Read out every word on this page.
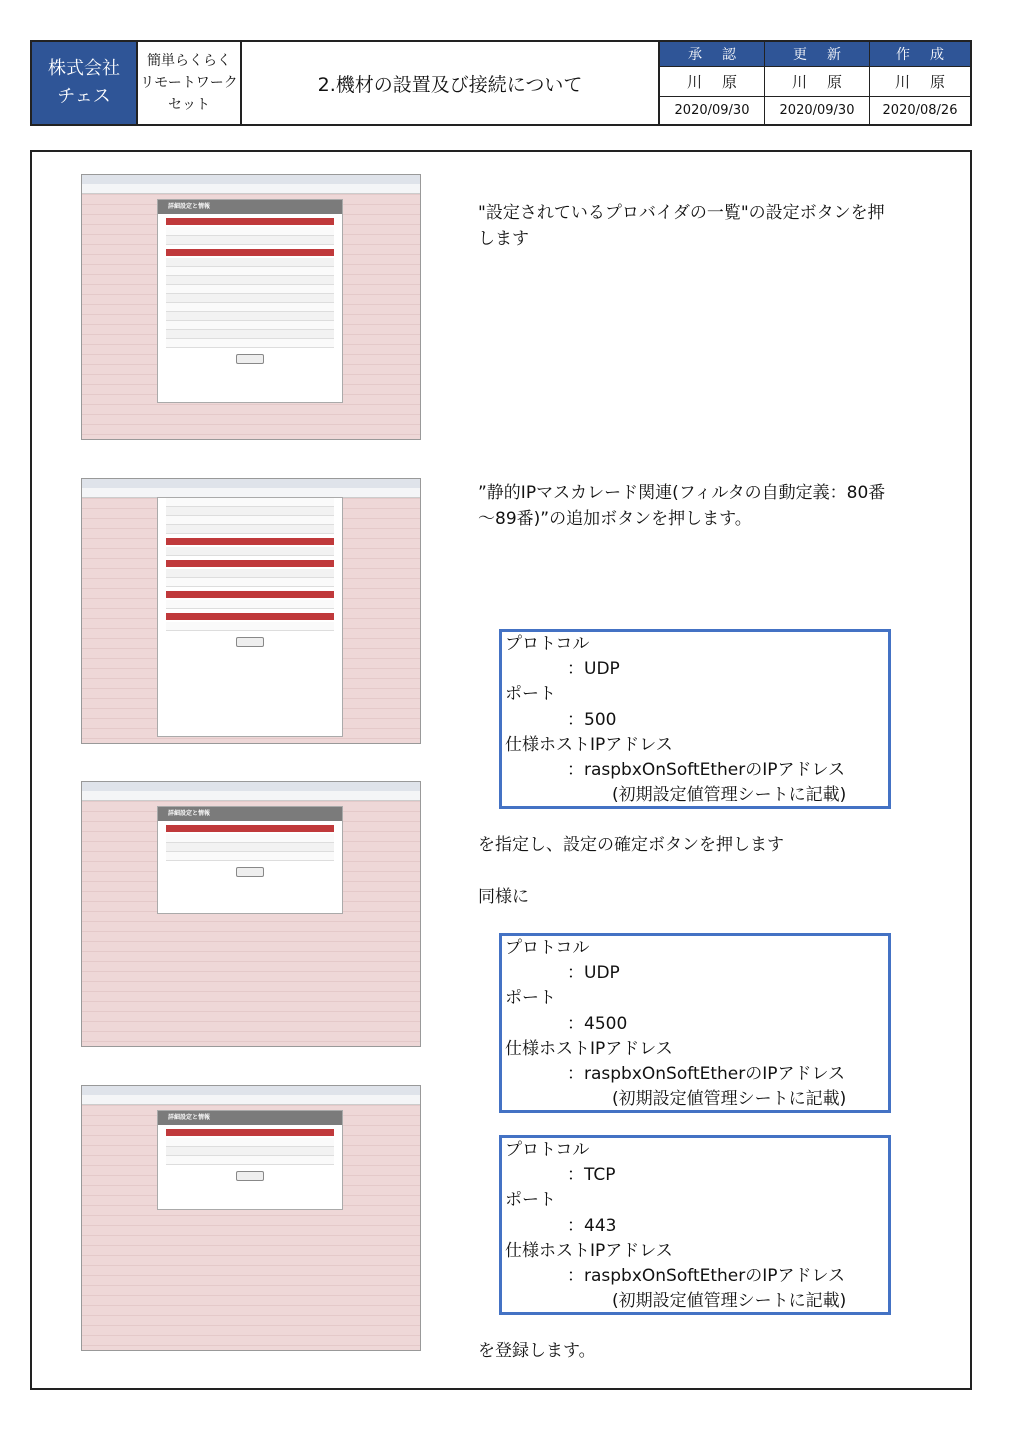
株式会社
チェス
簡単らくらく
リモートワーク
セット
2.機材の設置及び接続について
承認
川原
2020/09/30
更新
川原
2020/09/30
作成
川原
2020/08/26
詳細設定と情報
詳細設定と情報
詳細設定と情報
"設定されているプロバイダの一覧"の設定ボタンを押します
”静的IPマスカレード関連(フィルタの自動定義：80番～89番)”の追加ボタンを押します。
プロトコル
：UDP
ポート
：500
仕様ホストIPアドレス
：raspbxOnSoftEtherのIPアドレス
(初期設定値管理シートに記載)
を指定し、設定の確定ボタンを押します
同様に
プロトコル
：UDP
ポート
：4500
仕様ホストIPアドレス
：raspbxOnSoftEtherのIPアドレス
(初期設定値管理シートに記載)
プロトコル
：TCP
ポート
：443
仕様ホストIPアドレス
：raspbxOnSoftEtherのIPアドレス
(初期設定値管理シートに記載)
を登録します。
